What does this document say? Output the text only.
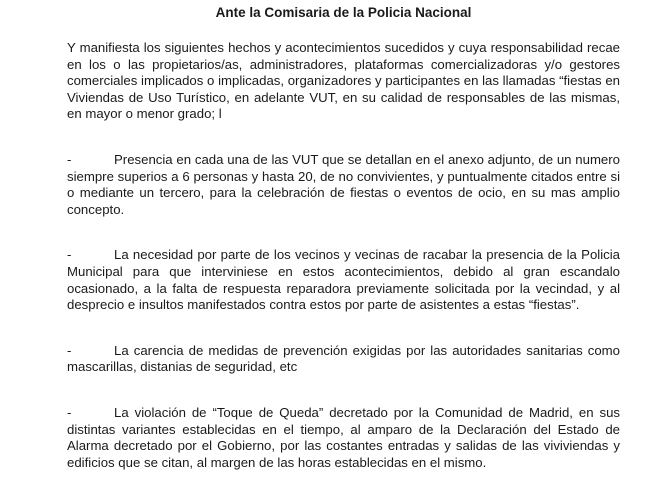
Ante la Comisaria de la Policia Nacional

Y manifiesta los siguientes hechos y acontecimientos sucedidos y cuya responsabilidad recae en los o las propietarios/as, administradores, plataformas comercializadoras y/o gestores comerciales implicados o implicadas, organizadores y participantes en las llamadas “fiestas en Viviendas de Uso Turístico, en adelante VUT, en su calidad de responsables de las mismas, en mayor o menor grado; l

-	Presencia en cada una de las VUT que se detallan en el anexo adjunto, de un numero siempre superios a 6 personas y hasta 20, de no convivientes, y puntualmente citados entre si o mediante un tercero, para la celebración de fiestas o eventos de ocio, en su mas amplio concepto.

-	La necesidad por parte de los vecinos y vecinas de racabar la presencia de la Policia Municipal para que interviniese en estos acontecimientos, debido al gran escandalo ocasionado, a la falta de respuesta reparadora previamente solicitada por la vecindad, y al desprecio e insultos manifestados contra estos por parte de asistentes a estas “fiestas”.

-	La carencia de medidas de prevención exigidas por las autoridades sanitarias como mascarillas, distanias de seguridad, etc

-	La violación de “Toque de Queda” decretado por la Comunidad de Madrid, en sus distintas variantes establecidas en el tiempo, al amparo de la Declaración del Estado de Alarma decretado por el Gobierno, por las costantes entradas y salidas de las viviviendas y edificios que se citan, al margen de las horas establecidas en el mismo.
